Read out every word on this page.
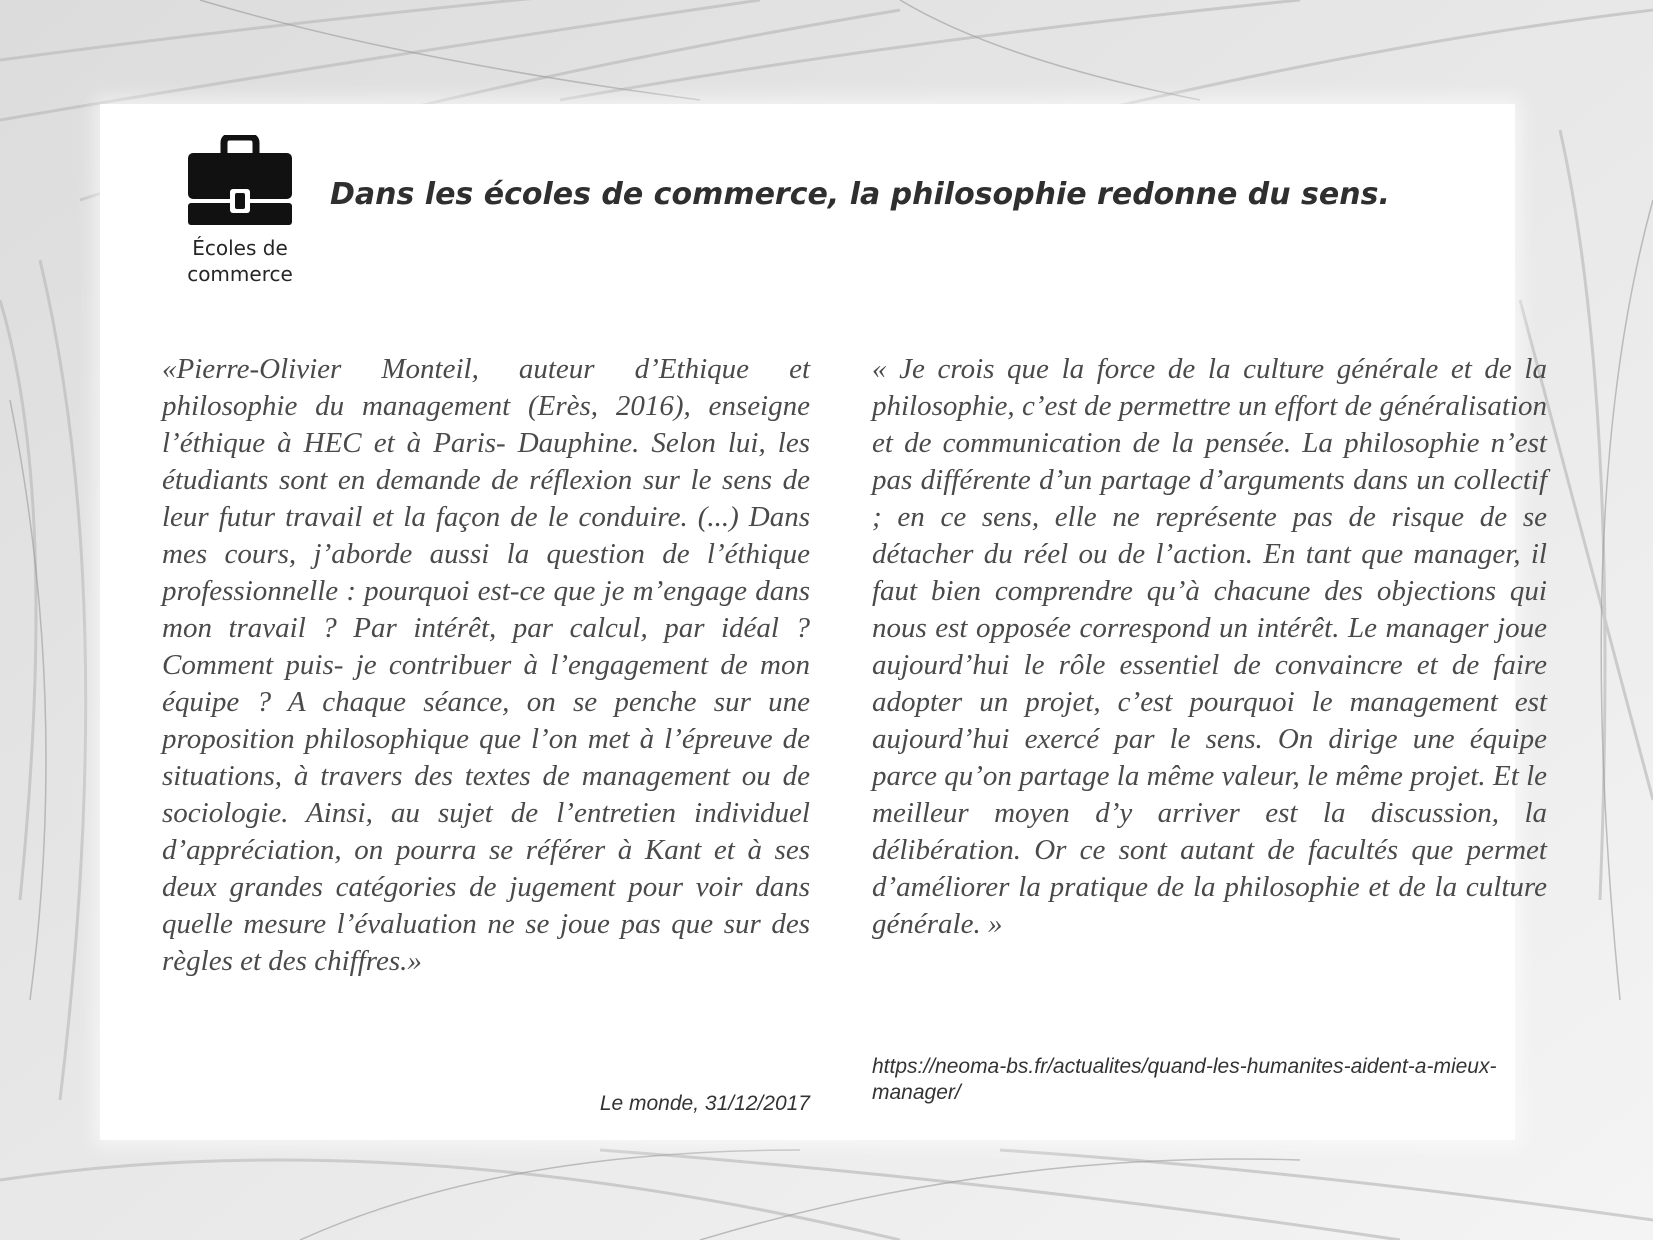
Écoles de commerce
Dans les écoles de commerce, la philosophie redonne du sens.

«Pierre-Olivier Monteil, auteur d’Ethique et philosophie du management (Erès, 2016), enseigne l’éthique à HEC et à Paris- Dauphine. Selon lui, les étudiants sont en demande de réflexion sur le sens de leur futur travail et la façon de le conduire. (...) Dans mes cours, j’aborde aussi la question de l’éthique professionnelle : pourquoi est-ce que je m’engage dans mon travail ? Par intérêt, par calcul, par idéal ? Comment puis- je contribuer à l’engagement de mon équipe ? A chaque séance, on se penche sur une proposition philosophique que l’on met à l’épreuve de situations, à travers des textes de management ou de sociologie. Ainsi, au sujet de l’entretien individuel d’appréciation, on pourra se référer à Kant et à ses deux grandes catégories de jugement pour voir dans quelle mesure l’évaluation ne se joue pas que sur des règles et des chiffres.»

Le monde, 31/12/2017

« Je crois que la force de la culture générale et de la philosophie, c’est de permettre un effort de généralisation et de communication de la pensée. La philosophie n’est pas différente d’un partage d’arguments dans un collectif ; en ce sens, elle ne représente pas de risque de se détacher du réel ou de l’action. En tant que manager, il faut bien comprendre qu’à chacune des objections qui nous est opposée correspond un intérêt. Le manager joue aujourd’hui le rôle essentiel de convaincre et de faire adopter un projet, c’est pourquoi le management est aujourd’hui exercé par le sens. On dirige une équipe parce qu’on partage la même valeur, le même projet. Et le meilleur moyen d’y arriver est la discussion, la délibération. Or ce sont autant de facultés que permet d’améliorer la pratique de la philosophie et de la culture générale. »

https://neoma-bs.fr/actualites/quand-les-humanites-aident-a-mieux-manager/
